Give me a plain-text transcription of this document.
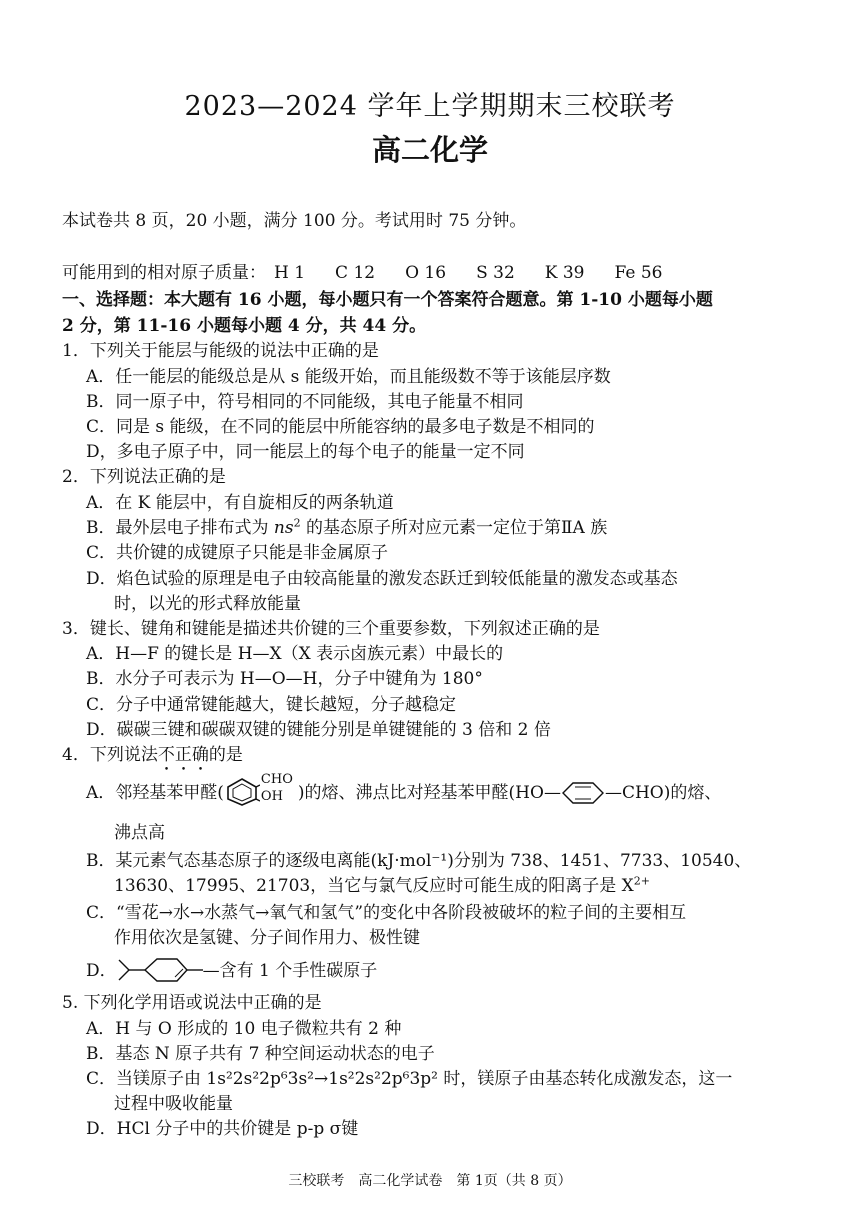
2023—2024 学年上学期期末三校联考
高二化学
本试卷共 8 页，20 小题，满分 100 分。考试用时 75 分钟。
可能用到的相对原子质量： H 1 C 12 O 16 S 32 K 39 Fe 56
一、选择题：本大题有 16 小题，每小题只有一个答案符合题意。第 1-10 小题每小题
2 分，第 11-16 小题每小题 4 分，共 44 分。
1．下列关于能层与能级的说法中正确的是
A．任一能层的能级总是从 s 能级开始，而且能级数不等于该能层序数
B．同一原子中，符号相同的不同能级，其电子能量不相同
C．同是 s 能级，在不同的能层中所能容纳的最多电子数是不相同的
D，多电子原子中，同一能层上的每个电子的能量一定不同
2．下列说法正确的是
A．在 K 能层中，有自旋相反的两条轨道
B．最外层电子排布式为 $ns^2$ 的基态原子所对应元素一定位于第ⅡA 族
C．共价键的成键原子只能是非金属原子
D．焰色试验的原理是电子由较高能量的激发态跃迁到较低能量的激发态或基态
时，以光的形式释放能量
3．键长、键角和键能是描述共价键的三个重要参数，下列叙述正确的是
A．H—F 的键长是 H—X（X 表示卤族元素）中最长的
B．水分子可表示为 H—O—H，分子中键角为 180°
C．分子中通常键能越大，键长越短，分子越稳定
D．碳碳三键和碳碳双键的键能分别是单键键能的 3 倍和 2 倍
4．下列说法不正确的是
A．邻羟基苯甲醛(
CHO
OH )的熔、沸点比对羟基苯甲醛(HO—	—CHO)的熔、
沸点高
B．某元素气态基态原子的逐级电离能(kJ·mol⁻¹)分别为 738、1451、7733、10540、
13630、17995、21703，当它与氯气反应时可能生成的阳离子是 $X^{2+}$
C．“雪花→水→水蒸气→氧气和氢气”的变化中各阶段被破坏的粒子间的主要相互
作用依次是氢键、分子间作用力、极性键
D．	—含有 1 个手性碳原子
5. 下列化学用语或说法中正确的是
A．H 与 O 形成的 10 电子微粒共有 2 种
B．基态 N 原子共有 7 种空间运动状态的电子
C．当镁原子由 1s²2s²2p⁶3s²→1s²2s²2p⁶3p² 时，镁原子由基态转化成激发态，这一
过程中吸收能量
D．HCl 分子中的共价键是 p-p σ键
三校联考　高二化学试卷　第 1页（共 8 页）
